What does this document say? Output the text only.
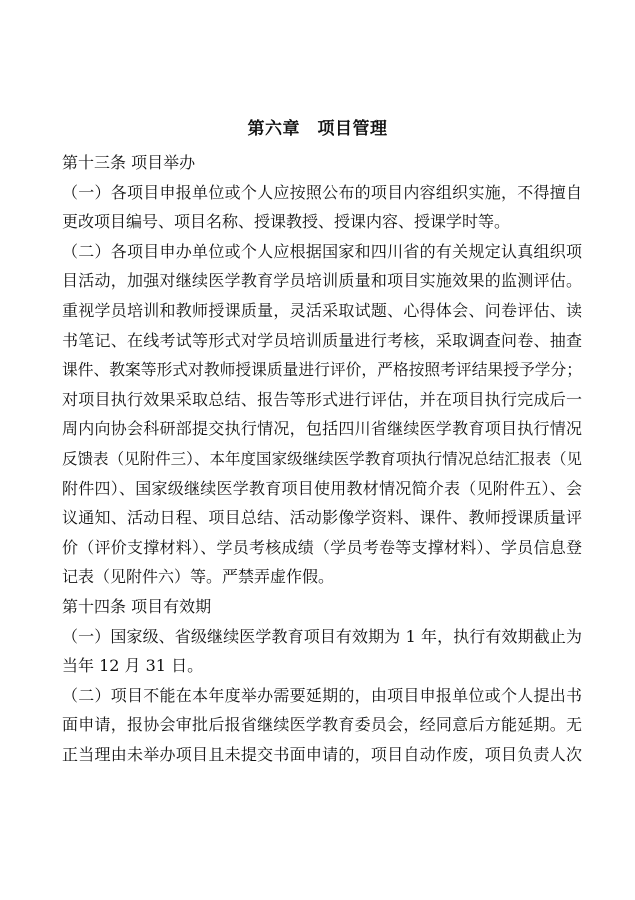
第六章　项目管理
第十三条 项目举办
（一）各项目申报单位或个人应按照公布的项目内容组织实施，不得擅自
更改项目编号、项目名称、授课教授、授课内容、授课学时等。
（二）各项目申办单位或个人应根据国家和四川省的有关规定认真组织项
目活动，加强对继续医学教育学员培训质量和项目实施效果的监测评估。
重视学员培训和教师授课质量，灵活采取试题、心得体会、问卷评估、读
书笔记、在线考试等形式对学员培训质量进行考核，采取调查问卷、抽查
课件、教案等形式对教师授课质量进行评价，严格按照考评结果授予学分；
对项目执行效果采取总结、报告等形式进行评估，并在项目执行完成后一
周内向协会科研部提交执行情况，包括四川省继续医学教育项目执行情况
反馈表（见附件三）、本年度国家级继续医学教育项执行情况总结汇报表（见
附件四）、国家级继续医学教育项目使用教材情况简介表（见附件五）、会
议通知、活动日程、项目总结、活动影像学资料、课件、教师授课质量评
价（评价支撑材料）、学员考核成绩（学员考卷等支撑材料）、学员信息登
记表（见附件六）等。严禁弄虚作假。
第十四条 项目有效期
（一）国家级、省级继续医学教育项目有效期为 1 年，执行有效期截止为
当年 12 月 31 日。
（二）项目不能在本年度举办需要延期的，由项目申报单位或个人提出书
面申请，报协会审批后报省继续医学教育委员会，经同意后方能延期。无
正当理由未举办项目且未提交书面申请的，项目自动作废，项目负责人次
